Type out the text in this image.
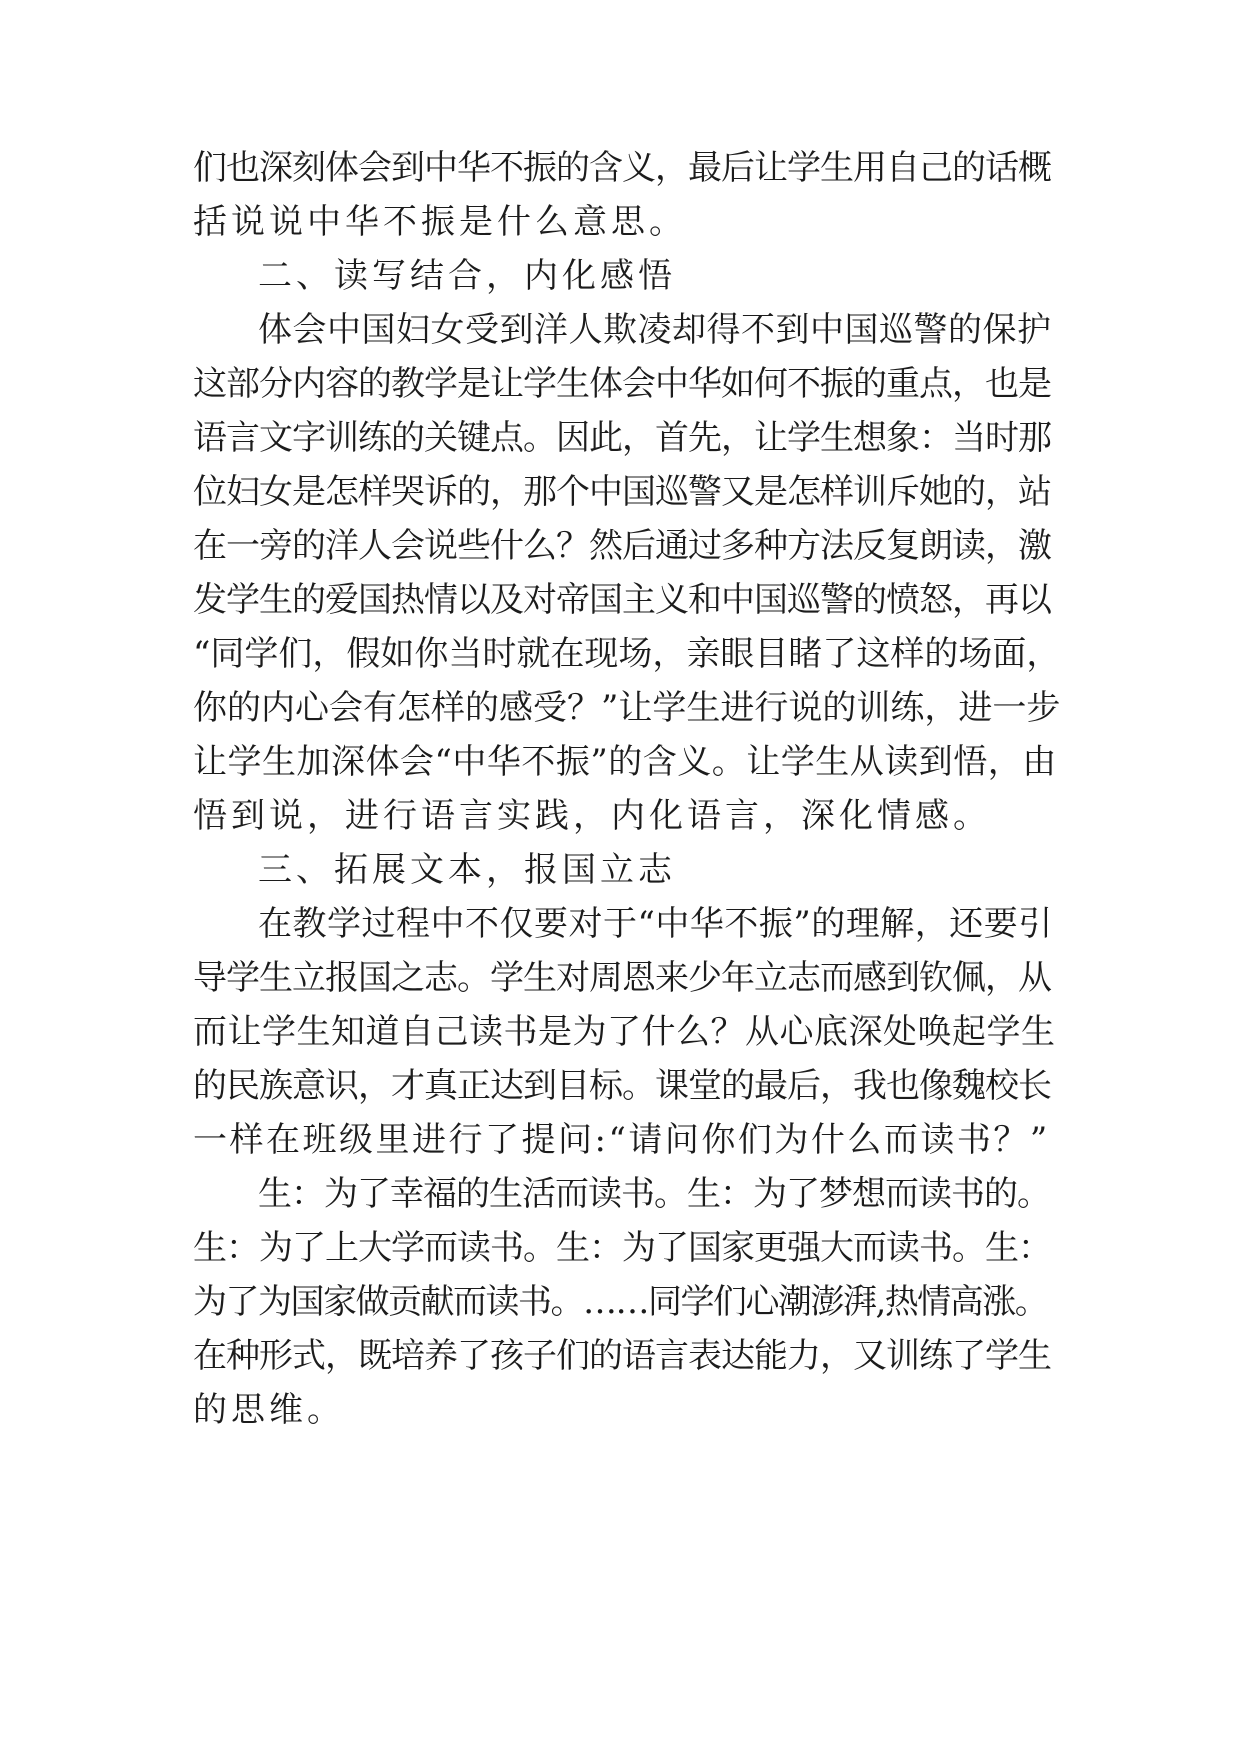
们也深刻体会到中华不振的含义，最后让学生用自己的话概
括说说中华不振是什么意思。
二、读写结合，内化感悟
体会中国妇女受到洋人欺凌却得不到中国巡警的保护
这部分内容的教学是让学生体会中华如何不振的重点，也是
语言文字训练的关键点。因此，首先，让学生想象：当时那
位妇女是怎样哭诉的，那个中国巡警又是怎样训斥她的，站
在一旁的洋人会说些什么？然后通过多种方法反复朗读，激
发学生的爱国热情以及对帝国主义和中国巡警的愤怒，再以
“同学们，假如你当时就在现场，亲眼目睹了这样的场面，
你的内心会有怎样的感受？”让学生进行说的训练，进一步
让学生加深体会“中华不振”的含义。让学生从读到悟，由
悟到说，进行语言实践，内化语言，深化情感。
三、拓展文本，报国立志
在教学过程中不仅要对于“中华不振”的理解，还要引
导学生立报国之志。学生对周恩来少年立志而感到钦佩，从
而让学生知道自己读书是为了什么？从心底深处唤起学生
的民族意识，才真正达到目标。课堂的最后，我也像魏校长
一样在班级里进行了提问:“请问你们为什么而读书？”
生：为了幸福的生活而读书。生：为了梦想而读书的。
生：为了上大学而读书。生：为了国家更强大而读书。生：
为了为国家做贡献而读书。……同学们心潮澎湃,热情高涨。
在种形式，既培养了孩子们的语言表达能力，又训练了学生
的思维。
